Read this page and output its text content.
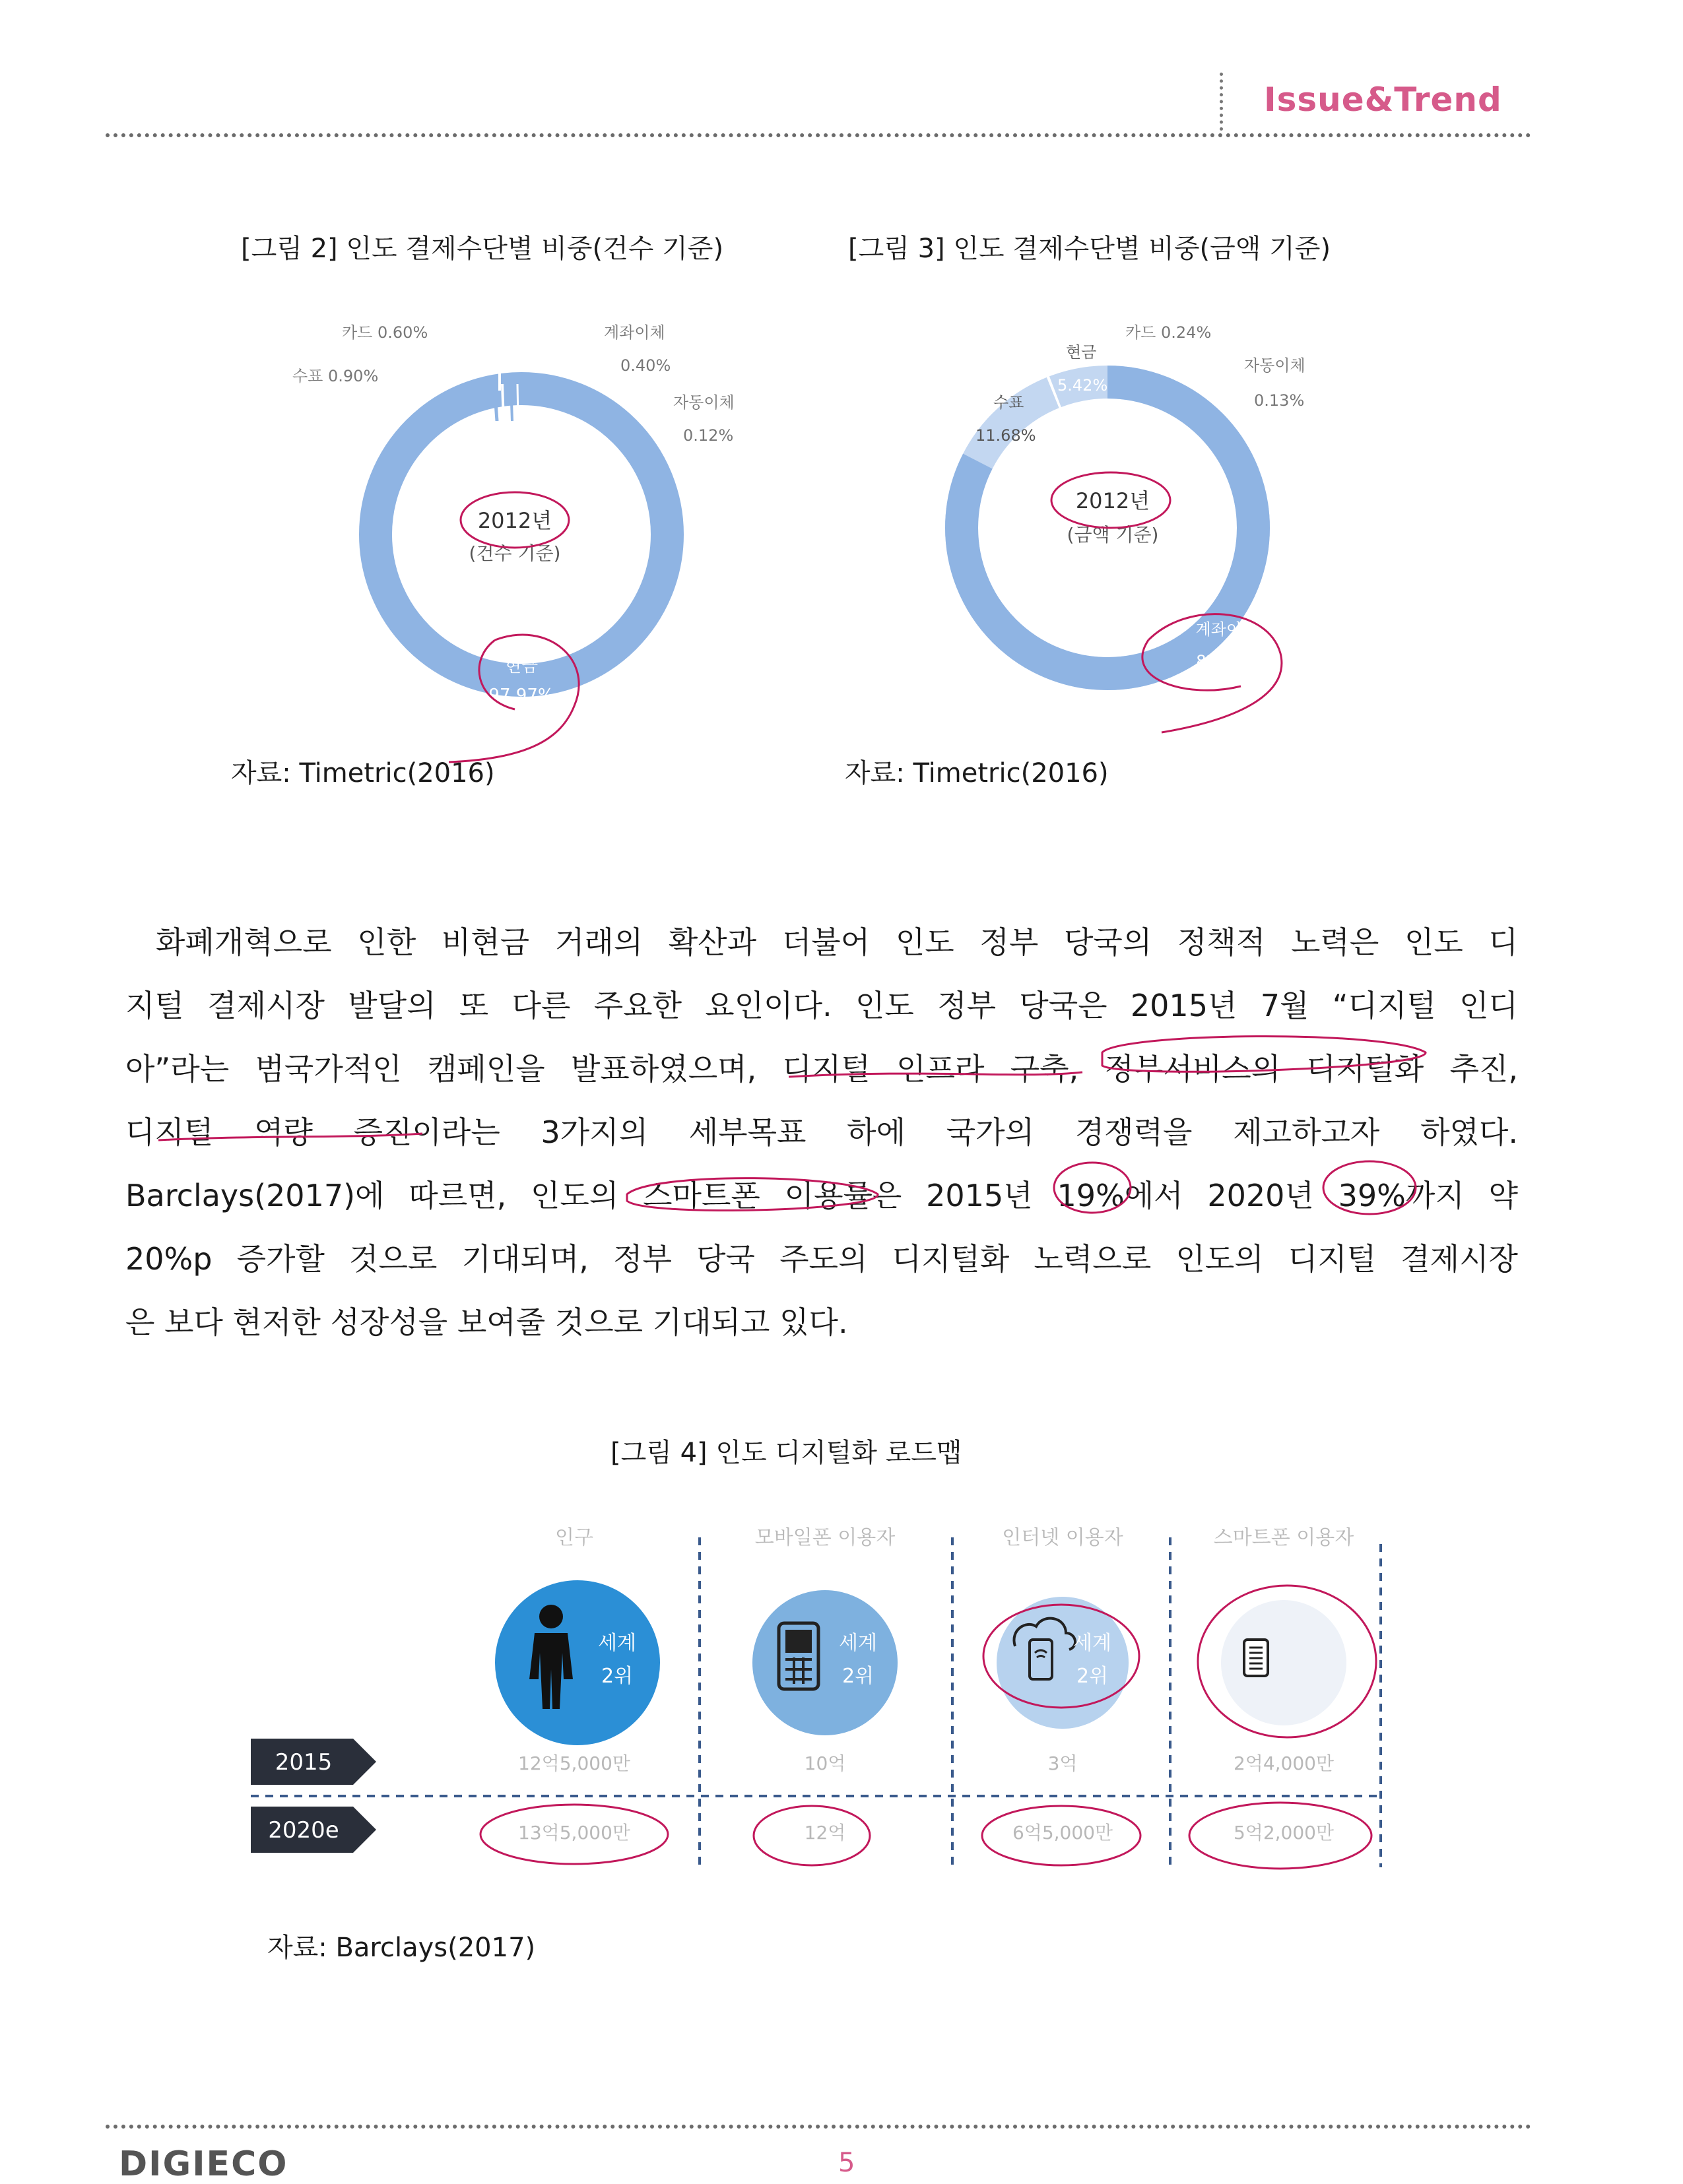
Issue&Trend
[그림 2] 인도 결제수단별 비중(건수 기준)	[그림 3] 인도 결제수단별 비중(금액 기준)
카드 0.60%
수표 0.90%
계좌이체
0.40%
자동이체
0.12%
2012년
(건수 기준)
현금
97.97%
카드 0.24%
현금
5.42%
자동이체
0.13%
수표
11.68%
2012년
(금액 기준)
계좌이체
82.52%
자료: Timetric(2016)	자료: Timetric(2016)
화폐개혁으로 인한 비현금 거래의 확산과 더불어 인도 정부 당국의 정책적 노력은 인도 디
지털 결제시장 발달의 또 다른 주요한 요인이다. 인도 정부 당국은 2015년 7월 “디지털 인디
아”라는 범국가적인 캠페인을 발표하였으며, 디지털 인프라 구축, 정부서비스의 디지털화 추진,
디지털 역량 증진이라는 3가지의 세부목표 하에 국가의 경쟁력을 제고하고자 하였다.
Barclays(2017)에 따르면, 인도의 스마트폰 이용률은 2015년 19%에서 2020년 39%까지 약
20%p 증가할 것으로 기대되며, 정부 당국 주도의 디지털화 노력으로 인도의 디지털 결제시장
은 보다 현저한 성장성을 보여줄 것으로 기대되고 있다.
[그림 4] 인도 디지털화 로드맵
인구	모바일폰 이용자	인터넷 이용자	스마트폰 이용자
세계
2위
세계
2위
세계
2위
2015
2020e
12억5,000만	10억	3억	2억4,000만
13억5,000만	12억	6억5,000만	5억2,000만
자료: Barclays(2017)
DIGIECO	5
